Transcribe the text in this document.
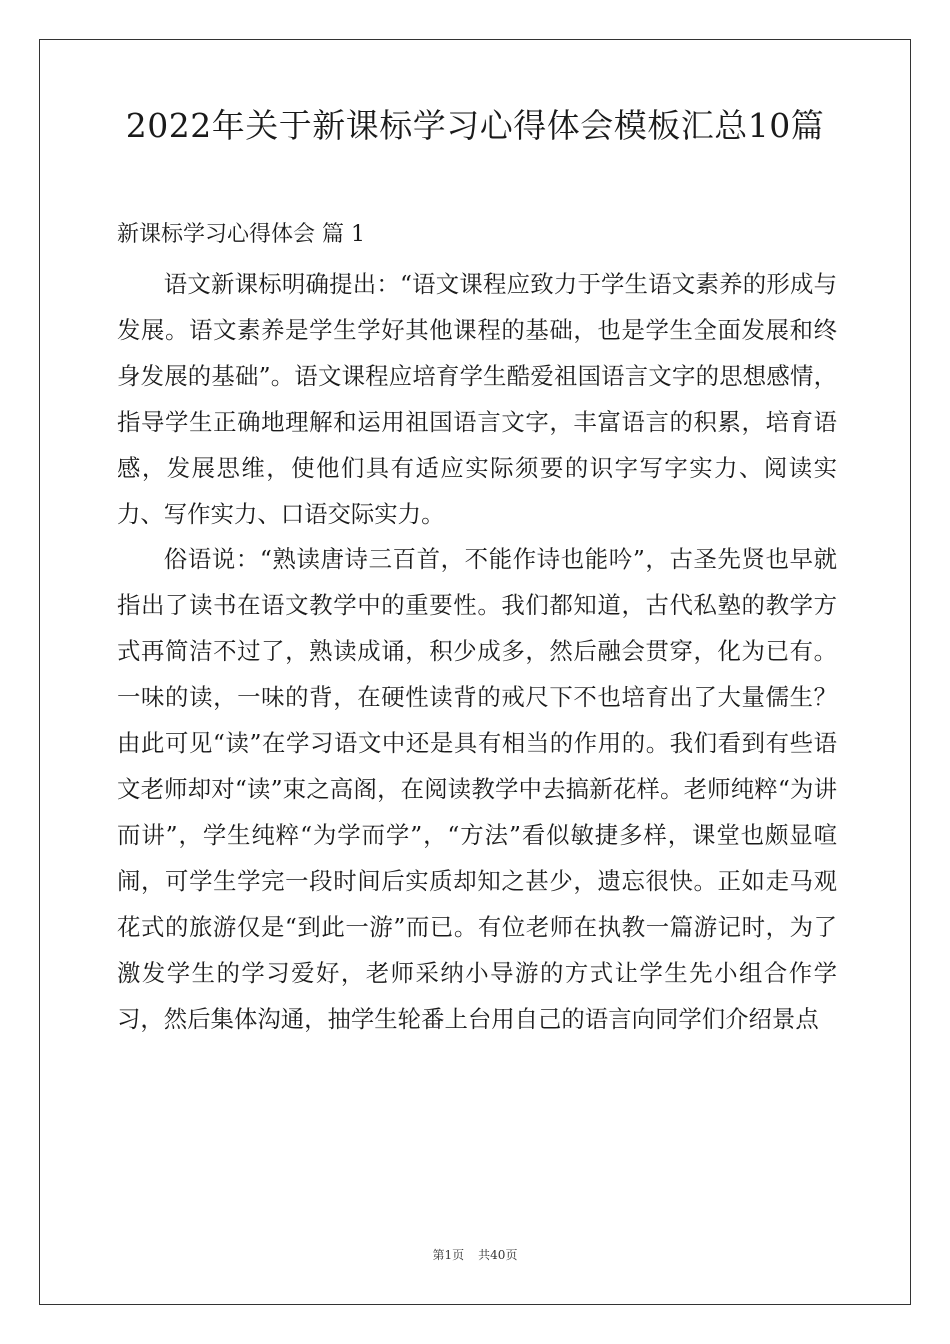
2022年关于新课标学习心得体会模板汇总10篇
新课标学习心得体会 篇 1

语文新课标明确提出：“语文课程应致力于学生语文素养的形成与发展。语文素养是学生学好其他课程的基础，也是学生全面发展和终身发展的基础”。语文课程应培育学生酷爱祖国语言文字的思想感情，指导学生正确地理解和运用祖国语言文字，丰富语言的积累，培育语感，发展思维，使他们具有适应实际须要的识字写字实力、阅读实力、写作实力、口语交际实力。

俗语说：“熟读唐诗三百首，不能作诗也能吟”，古圣先贤也早就指出了读书在语文教学中的重要性。我们都知道，古代私塾的教学方式再简洁不过了，熟读成诵，积少成多，然后融会贯穿，化为已有。一味的读，一味的背，在硬性读背的戒尺下不也培育出了大量儒生？由此可见“读”在学习语文中还是具有相当的作用的。我们看到有些语文老师却对“读”束之高阁，在阅读教学中去搞新花样。老师纯粹“为讲而讲”，学生纯粹“为学而学”，“方法”看似敏捷多样，课堂也颇显喧闹，可学生学完一段时间后实质却知之甚少，遗忘很快。正如走马观花式的旅游仅是“到此一游”而已。有位老师在执教一篇游记时，为了激发学生的学习爱好，老师采纳小导游的方式让学生先小组合作学习，然后集体沟通，抽学生轮番上台用自己的语言向同学们介绍景点

第1页 共40页
